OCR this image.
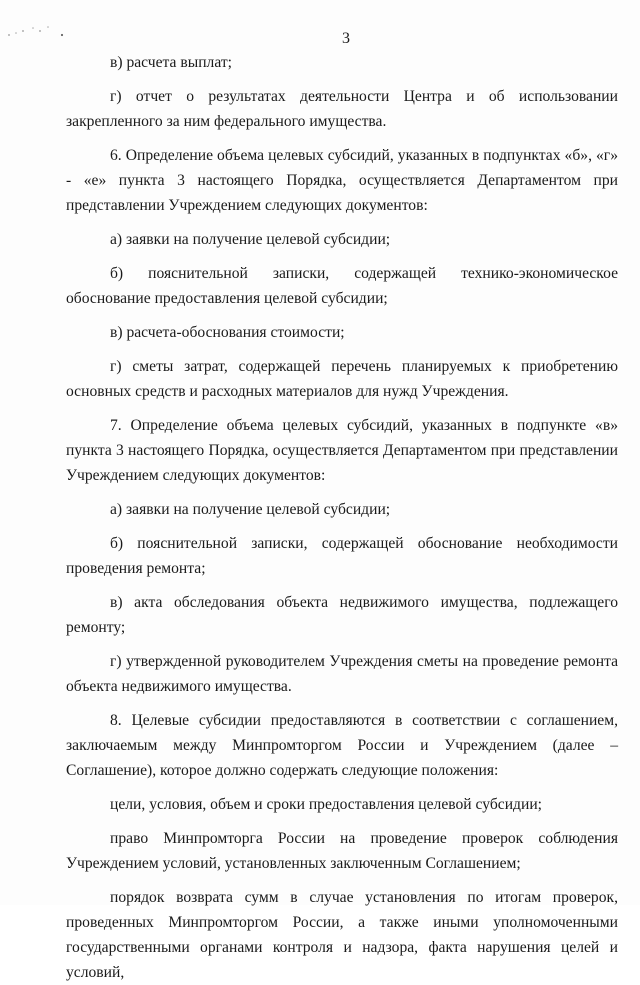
3

в) расчета выплат;

г) отчет о результатах деятельности Центра и об использовании закрепленного за ним федерального имущества.

6. Определение объема целевых субсидий, указанных в подпунктах «б», «г» - «е» пункта 3 настоящего Порядка, осуществляется Департаментом при представлении Учреждением следующих документов:

а) заявки на получение целевой субсидии;

б) пояснительной записки, содержащей технико-экономическое обоснование предоставления целевой субсидии;

в) расчета-обоснования стоимости;

г) сметы затрат, содержащей перечень планируемых к приобретению основных средств и расходных материалов для нужд Учреждения.

7. Определение объема целевых субсидий, указанных в подпункте «в» пункта 3 настоящего Порядка, осуществляется Департаментом при представлении Учреждением следующих документов:

а) заявки на получение целевой субсидии;

б) пояснительной записки, содержащей обоснование необходимости проведения ремонта;

в) акта обследования объекта недвижимого имущества, подлежащего ремонту;

г) утвержденной руководителем Учреждения сметы на проведение ремонта объекта недвижимого имущества.

8. Целевые субсидии предоставляются в соответствии с соглашением, заключаемым между Минпромторгом России и Учреждением (далее – Соглашение), которое должно содержать следующие положения:

цели, условия, объем и сроки предоставления целевой субсидии;

право Минпромторга России на проведение проверок соблюдения Учреждением условий, установленных заключенным Соглашением;

порядок возврата сумм в случае установления по итогам проверок, проведенных Минпромторгом России, а также иными уполномоченными государственными органами контроля и надзора, факта нарушения целей и условий,
